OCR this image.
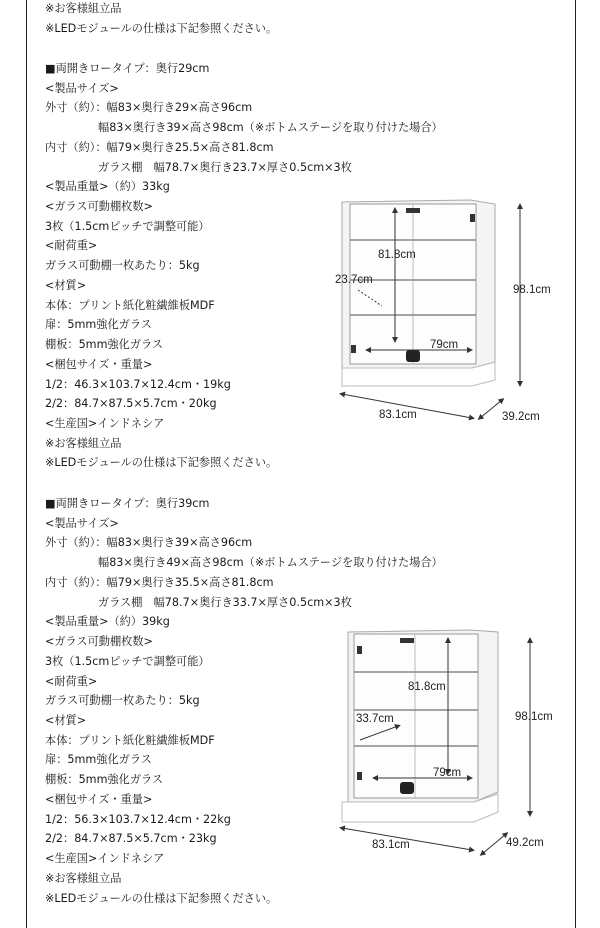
※お客様組立品
※LEDモジュールの仕様は下記参照ください。
■両開きロータイプ：奥行29cm
<製品サイズ>
外寸（約）：幅83×奥行き29×高さ96cm
幅83×奥行き39×高さ98cm（※ボトムステージを取り付けた場合）
内寸（約）：幅79×奥行き25.5×高さ81.8cm
ガラス棚　幅78.7×奥行き23.7×厚さ0.5cm×3枚
<製品重量>（約）33kg
<ガラス可動棚枚数>
3枚（1.5cmピッチで調整可能）
<耐荷重>
ガラス可動棚一枚あたり：5kg
<材質>
本体：プリント紙化粧繊維板MDF
扉：5mm強化ガラス
棚板：5mm強化ガラス
<梱包サイズ・重量>
1/2：46.3×103.7×12.4cm・19kg
2/2：84.7×87.5×5.7cm・20kg
<生産国>インドネシア
※お客様組立品
※LEDモジュールの仕様は下記参照ください。
■両開きロータイプ：奥行39cm
<製品サイズ>
外寸（約）：幅83×奥行き39×高さ96cm
幅83×奥行き49×高さ98cm（※ボトムステージを取り付けた場合）
内寸（約）：幅79×奥行き35.5×高さ81.8cm
ガラス棚　幅78.7×奥行き33.7×厚さ0.5cm×3枚
<製品重量>（約）39kg
<ガラス可動棚枚数>
3枚（1.5cmピッチで調整可能）
<耐荷重>
ガラス可動棚一枚あたり：5kg
<材質>
本体：プリント紙化粧繊維板MDF
扉：5mm強化ガラス
棚板：5mm強化ガラス
<梱包サイズ・重量>
1/2：56.3×103.7×12.4cm・22kg
2/2：84.7×87.5×5.7cm・23kg
<生産国>インドネシア
※お客様組立品
※LEDモジュールの仕様は下記参照ください。
81.8cm
23.7cm
79cm
98.1cm
83.1cm	39.2cm
81.8cm
33.7cm
79cm
98.1cm
83.1cm	49.2cm
